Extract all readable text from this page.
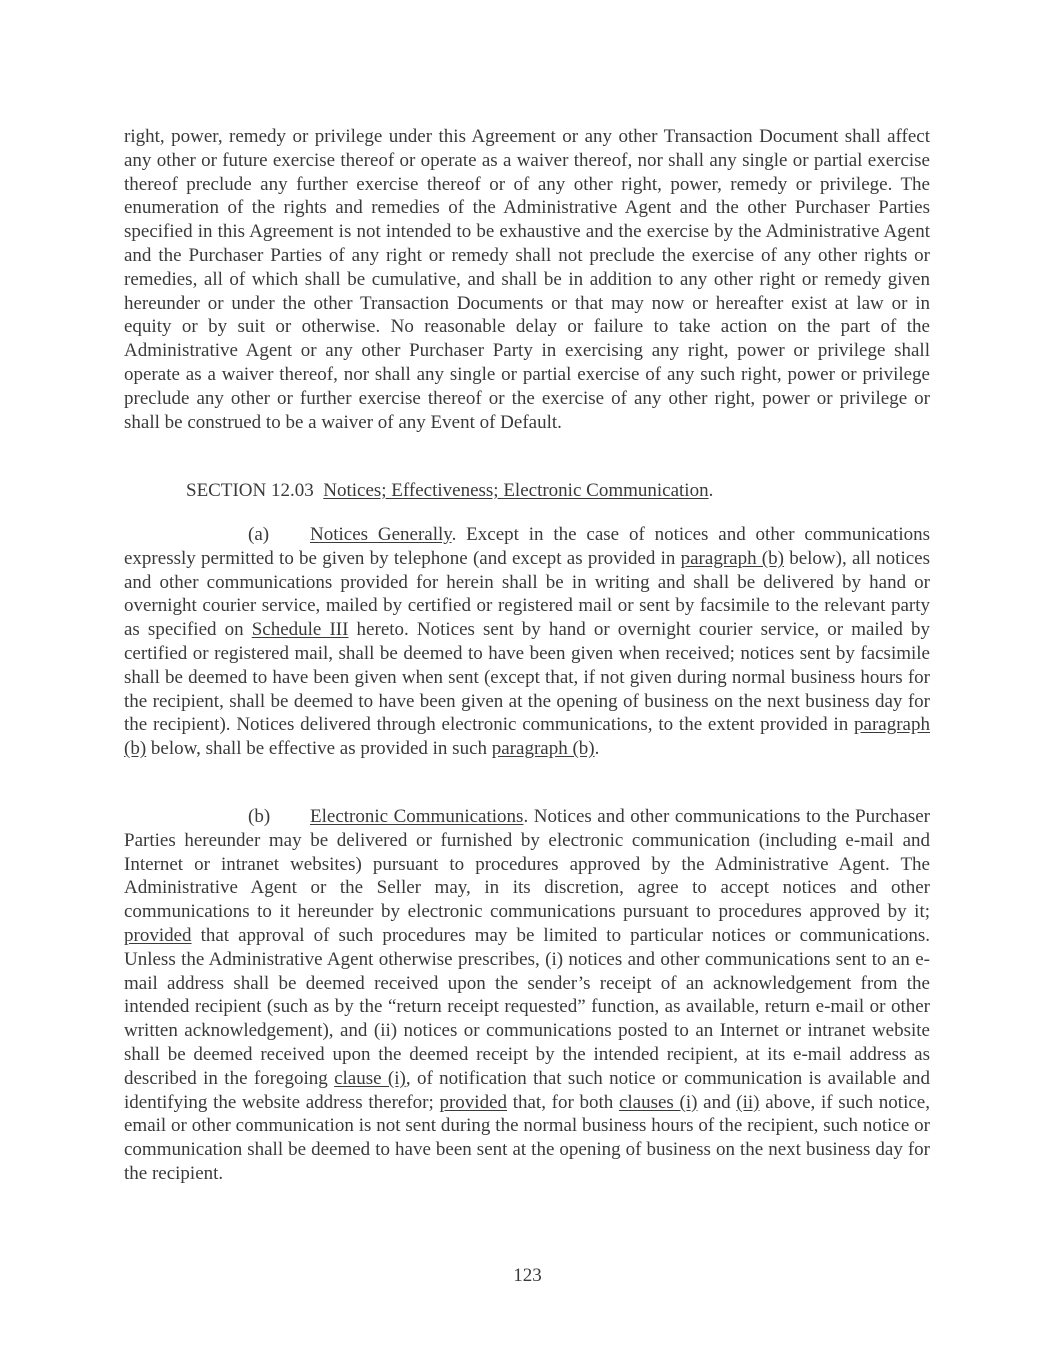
right, power, remedy or privilege under this Agreement or any other Transaction Document shall affect any other or future exercise thereof or operate as a waiver thereof, nor shall any single or partial exercise thereof preclude any further exercise thereof or of any other right, power, remedy or privilege. The enumeration of the rights and remedies of the Administrative Agent and the other Purchaser Parties specified in this Agreement is not intended to be exhaustive and the exercise by the Administrative Agent and the Purchaser Parties of any right or remedy shall not preclude the exercise of any other rights or remedies, all of which shall be cumulative, and shall be in addition to any other right or remedy given hereunder or under the other Transaction Documents or that may now or hereafter exist at law or in equity or by suit or otherwise. No reasonable delay or failure to take action on the part of the Administrative Agent or any other Purchaser Party in exercising any right, power or privilege shall operate as a waiver thereof, nor shall any single or partial exercise of any such right, power or privilege preclude any other or further exercise thereof or the exercise of any other right, power or privilege or shall be construed to be a waiver of any Event of Default.

SECTION 12.03 Notices; Effectiveness; Electronic Communication.

(a) Notices Generally. Except in the case of notices and other communications expressly permitted to be given by telephone (and except as provided in paragraph (b) below), all notices and other communications provided for herein shall be in writing and shall be delivered by hand or overnight courier service, mailed by certified or registered mail or sent by facsimile to the relevant party as specified on Schedule III hereto. Notices sent by hand or overnight courier service, or mailed by certified or registered mail, shall be deemed to have been given when received; notices sent by facsimile shall be deemed to have been given when sent (except that, if not given during normal business hours for the recipient, shall be deemed to have been given at the opening of business on the next business day for the recipient). Notices delivered through electronic communications, to the extent provided in paragraph (b) below, shall be effective as provided in such paragraph (b).

(b) Electronic Communications. Notices and other communications to the Purchaser Parties hereunder may be delivered or furnished by electronic communication (including e-mail and Internet or intranet websites) pursuant to procedures approved by the Administrative Agent. The Administrative Agent or the Seller may, in its discretion, agree to accept notices and other communications to it hereunder by electronic communications pursuant to procedures approved by it; provided that approval of such procedures may be limited to particular notices or communications. Unless the Administrative Agent otherwise prescribes, (i) notices and other communications sent to an e-mail address shall be deemed received upon the sender’s receipt of an acknowledgement from the intended recipient (such as by the “return receipt requested” function, as available, return e-mail or other written acknowledgement), and (ii) notices or communications posted to an Internet or intranet website shall be deemed received upon the deemed receipt by the intended recipient, at its e-mail address as described in the foregoing clause (i), of notification that such notice or communication is available and identifying the website address therefor; provided that, for both clauses (i) and (ii) above, if such notice, email or other communication is not sent during the normal business hours of the recipient, such notice or communication shall be deemed to have been sent at the opening of business on the next business day for the recipient.

123
